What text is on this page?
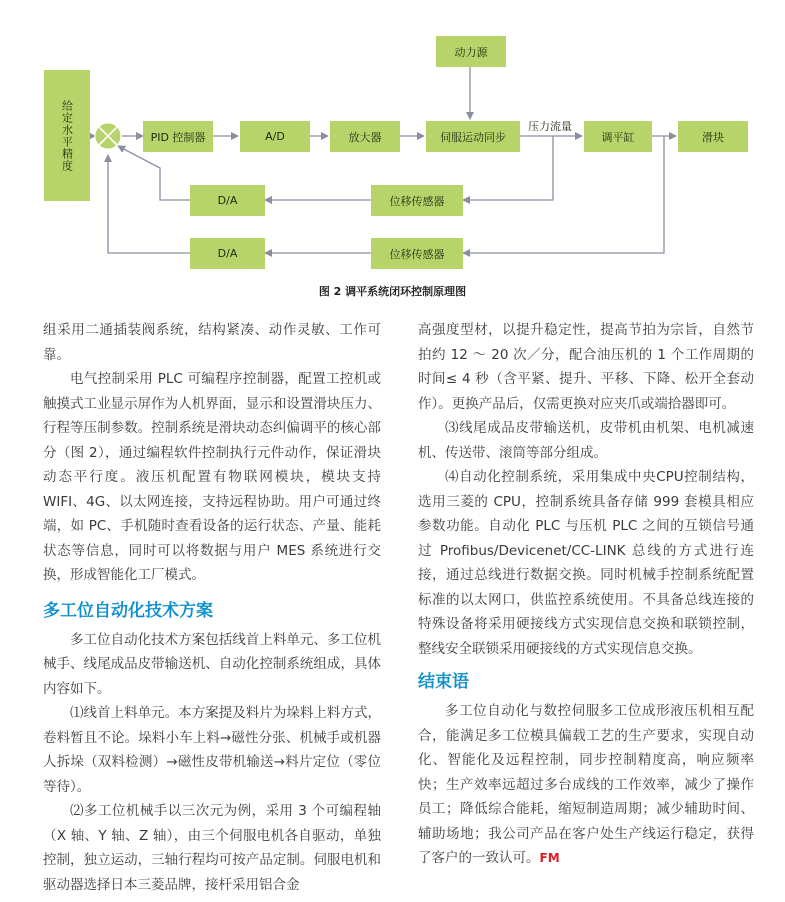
给定水平精度
动力源
PID 控制器	A/D	放大器	伺服运动同步
压力流量
调平缸	滑块
D/A	位移传感器
D/A	位移传感器
图 2 调平系统闭环控制原理图

组采用二通插装阀系统，结构紧凑、动作灵敏、工作可靠。

电气控制采用 PLC 可编程序控制器，配置工控机或触摸式工业显示屏作为人机界面，显示和设置滑块压力、行程等压制参数。控制系统是滑块动态纠偏调平的核心部分（图 2），通过编程软件控制执行元件动作，保证滑块动态平行度。液压机配置有物联网模块，模块支持 WIFI、4G、以太网连接，支持远程协助。用户可通过终端，如 PC、手机随时查看设备的运行状态、产量、能耗状态等信息，同时可以将数据与用户 MES 系统进行交换，形成智能化工厂模式。

多工位自动化技术方案

多工位自动化技术方案包括线首上料单元、多工位机械手、线尾成品皮带输送机、自动化控制系统组成，具体内容如下。

⑴线首上料单元。本方案提及料片为垛料上料方式，卷料暂且不论。垛料小车上料→磁性分张、机械手或机器人拆垛（双料检测）→磁性皮带机输送→料片定位（零位等待）。

⑵多工位机械手以三次元为例，采用 3 个可编程轴（X 轴、Y 轴、Z 轴），由三个伺服电机各自驱动，单独控制，独立运动，三轴行程均可按产品定制。伺服电机和驱动器选择日本三菱品牌，接杆采用铝合金

高强度型材，以提升稳定性，提高节拍为宗旨，自然节拍约 12 ～ 20 次／分，配合油压机的 1 个工作周期的时间≤ 4 秒（含平紧、提升、平移、下降、松开全套动作）。更换产品后，仅需更换对应夹爪或端拾器即可。

⑶线尾成品皮带输送机，皮带机由机架、电机减速机、传送带、滚筒等部分组成。

⑷自动化控制系统，采用集成中央CPU控制结构，选用三菱的 CPU，控制系统具备存储 999 套模具相应参数功能。自动化 PLC 与压机 PLC 之间的互锁信号通过 Profibus/Devicenet/CC-LINK 总线的方式进行连接，通过总线进行数据交换。同时机械手控制系统配置标准的以太网口，供监控系统使用。不具备总线连接的特殊设备将采用硬接线方式实现信息交换和联锁控制，整线安全联锁采用硬接线的方式实现信息交换。

结束语

多工位自动化与数控伺服多工位成形液压机相互配合，能满足多工位模具偏载工艺的生产要求，实现自动化、智能化及远程控制，同步控制精度高，响应频率快；生产效率远超过多台成线的工作效率，减少了操作员工；降低综合能耗，缩短制造周期；减少辅助时间、辅助场地；我公司产品在客户处生产线运行稳定，获得了客户的一致认可。FM
